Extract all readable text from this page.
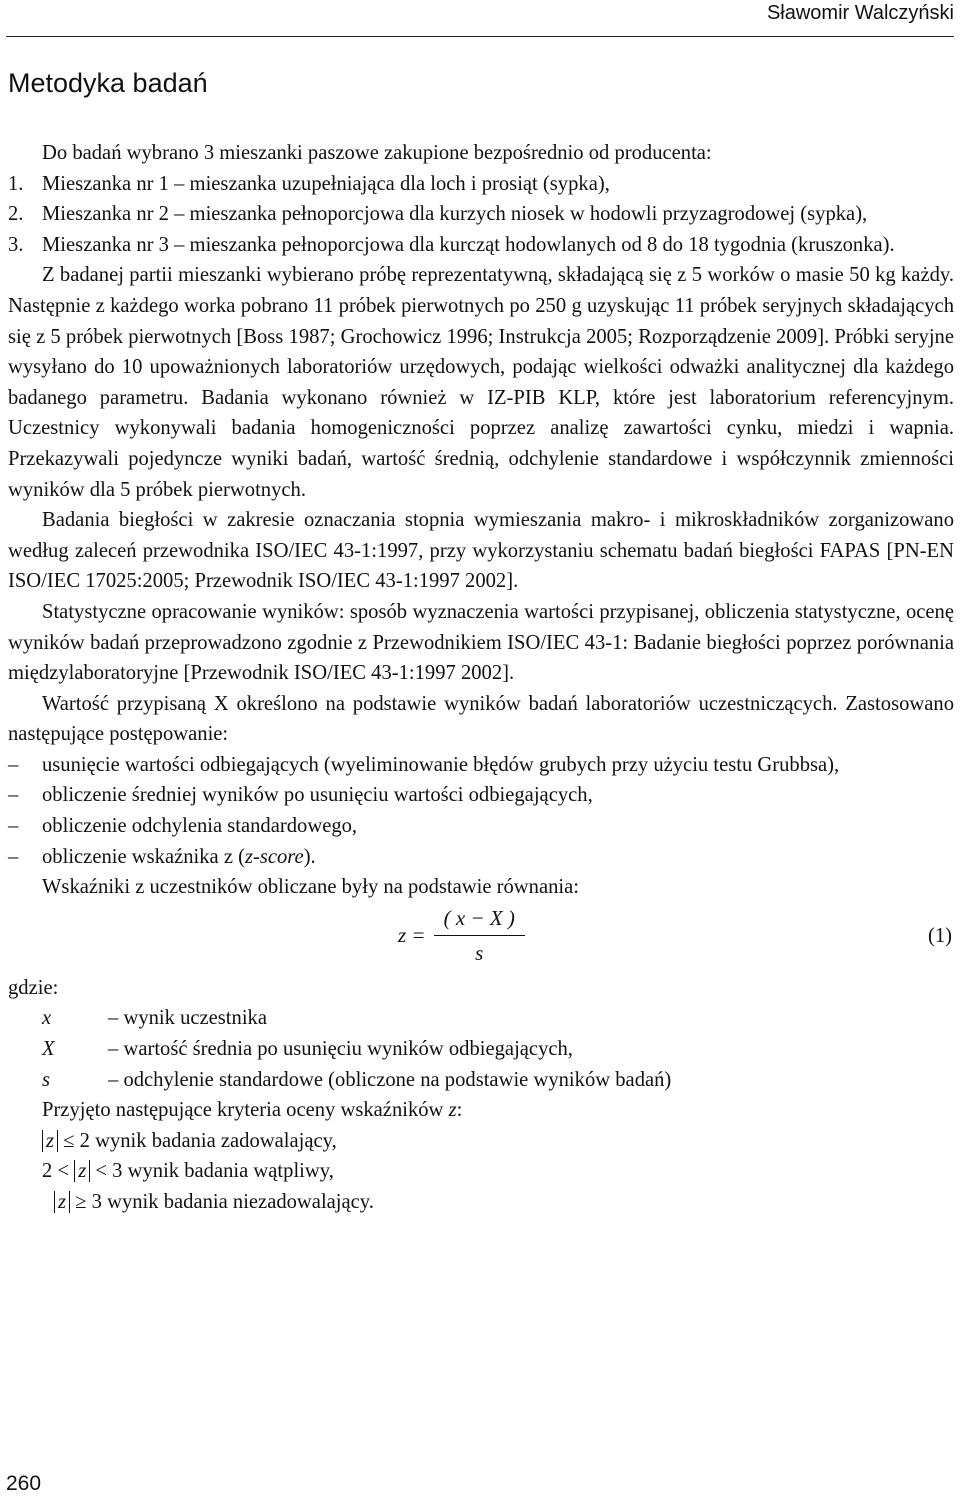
Sławomir Walczyński
Metodyka badań

Do badań wybrano 3 mieszanki paszowe zakupione bezpośrednio od producenta:

1. Mieszanka nr 1 – mieszanka uzupełniająca dla loch i prosiąt (sypka),
2. Mieszanka nr 2 – mieszanka pełnoporcjowa dla kurzych niosek w hodowli przyzagrodowej (sypka),
3. Mieszanka nr 3 – mieszanka pełnoporcjowa dla kurcząt hodowlanych od 8 do 18 tygodnia (kruszonka).

Z badanej partii mieszanki wybierano próbę reprezentatywną, składającą się z 5 worków o masie 50 kg każdy. Następnie z każdego worka pobrano 11 próbek pierwotnych po 250 g uzyskując 11 próbek seryjnych składających się z 5 próbek pierwotnych [Boss 1987; Grochowicz 1996; Instrukcja 2005; Rozporządzenie 2009]. Próbki seryjne wysyłano do 10 upoważnionych laboratoriów urzędowych, podając wielkości odważki analitycznej dla każdego badanego parametru. Badania wykonano również w IZ-PIB KLP, które jest laboratorium referencyjnym. Uczestnicy wykonywali badania homogeniczności poprzez analizę zawartości cynku, miedzi i wapnia. Przekazywali pojedyncze wyniki badań, wartość średnią, odchylenie standardowe i współczynnik zmienności wyników dla 5 próbek pierwotnych.

Badania biegłości w zakresie oznaczania stopnia wymieszania makro- i mikroskładników zorganizowano według zaleceń przewodnika ISO/IEC 43-1:1997, przy wykorzystaniu schematu badań biegłości FAPAS [PN-EN ISO/IEC 17025:2005; Przewodnik ISO/IEC 43-1:1997 2002].

Statystyczne opracowanie wyników: sposób wyznaczenia wartości przypisanej, obliczenia statystyczne, ocenę wyników badań przeprowadzono zgodnie z Przewodnikiem ISO/IEC 43-1: Badanie biegłości poprzez porównania międzylaboratoryjne [Przewodnik ISO/IEC 43-1:1997 2002].

Wartość przypisaną X określono na podstawie wyników badań laboratoriów uczestniczących. Zastosowano następujące postępowanie:

– usunięcie wartości odbiegających (wyeliminowanie błędów grubych przy użyciu testu Grubbsa),
– obliczenie średniej wyników po usunięciu wartości odbiegających,
– obliczenie odchylenia standardowego,
– obliczenie wskaźnika z (z-score).

Wskaźniki z uczestników obliczane były na podstawie równania:

$z = \frac{( x - X )}{s}$	(1)

gdzie:

x	– wynik uczestnika
X	– wartość średnia po usunięciu wyników odbiegających,
s	– odchylenie standardowe (obliczone na podstawie wyników badań)

Przyjęto następujące kryteria oceny wskaźników z:

z ≤ 2 wynik badania zadowalający,
2 < z < 3 wynik badania wątpliwy,
z ≥ 3 wynik badania niezadowalający.
260
